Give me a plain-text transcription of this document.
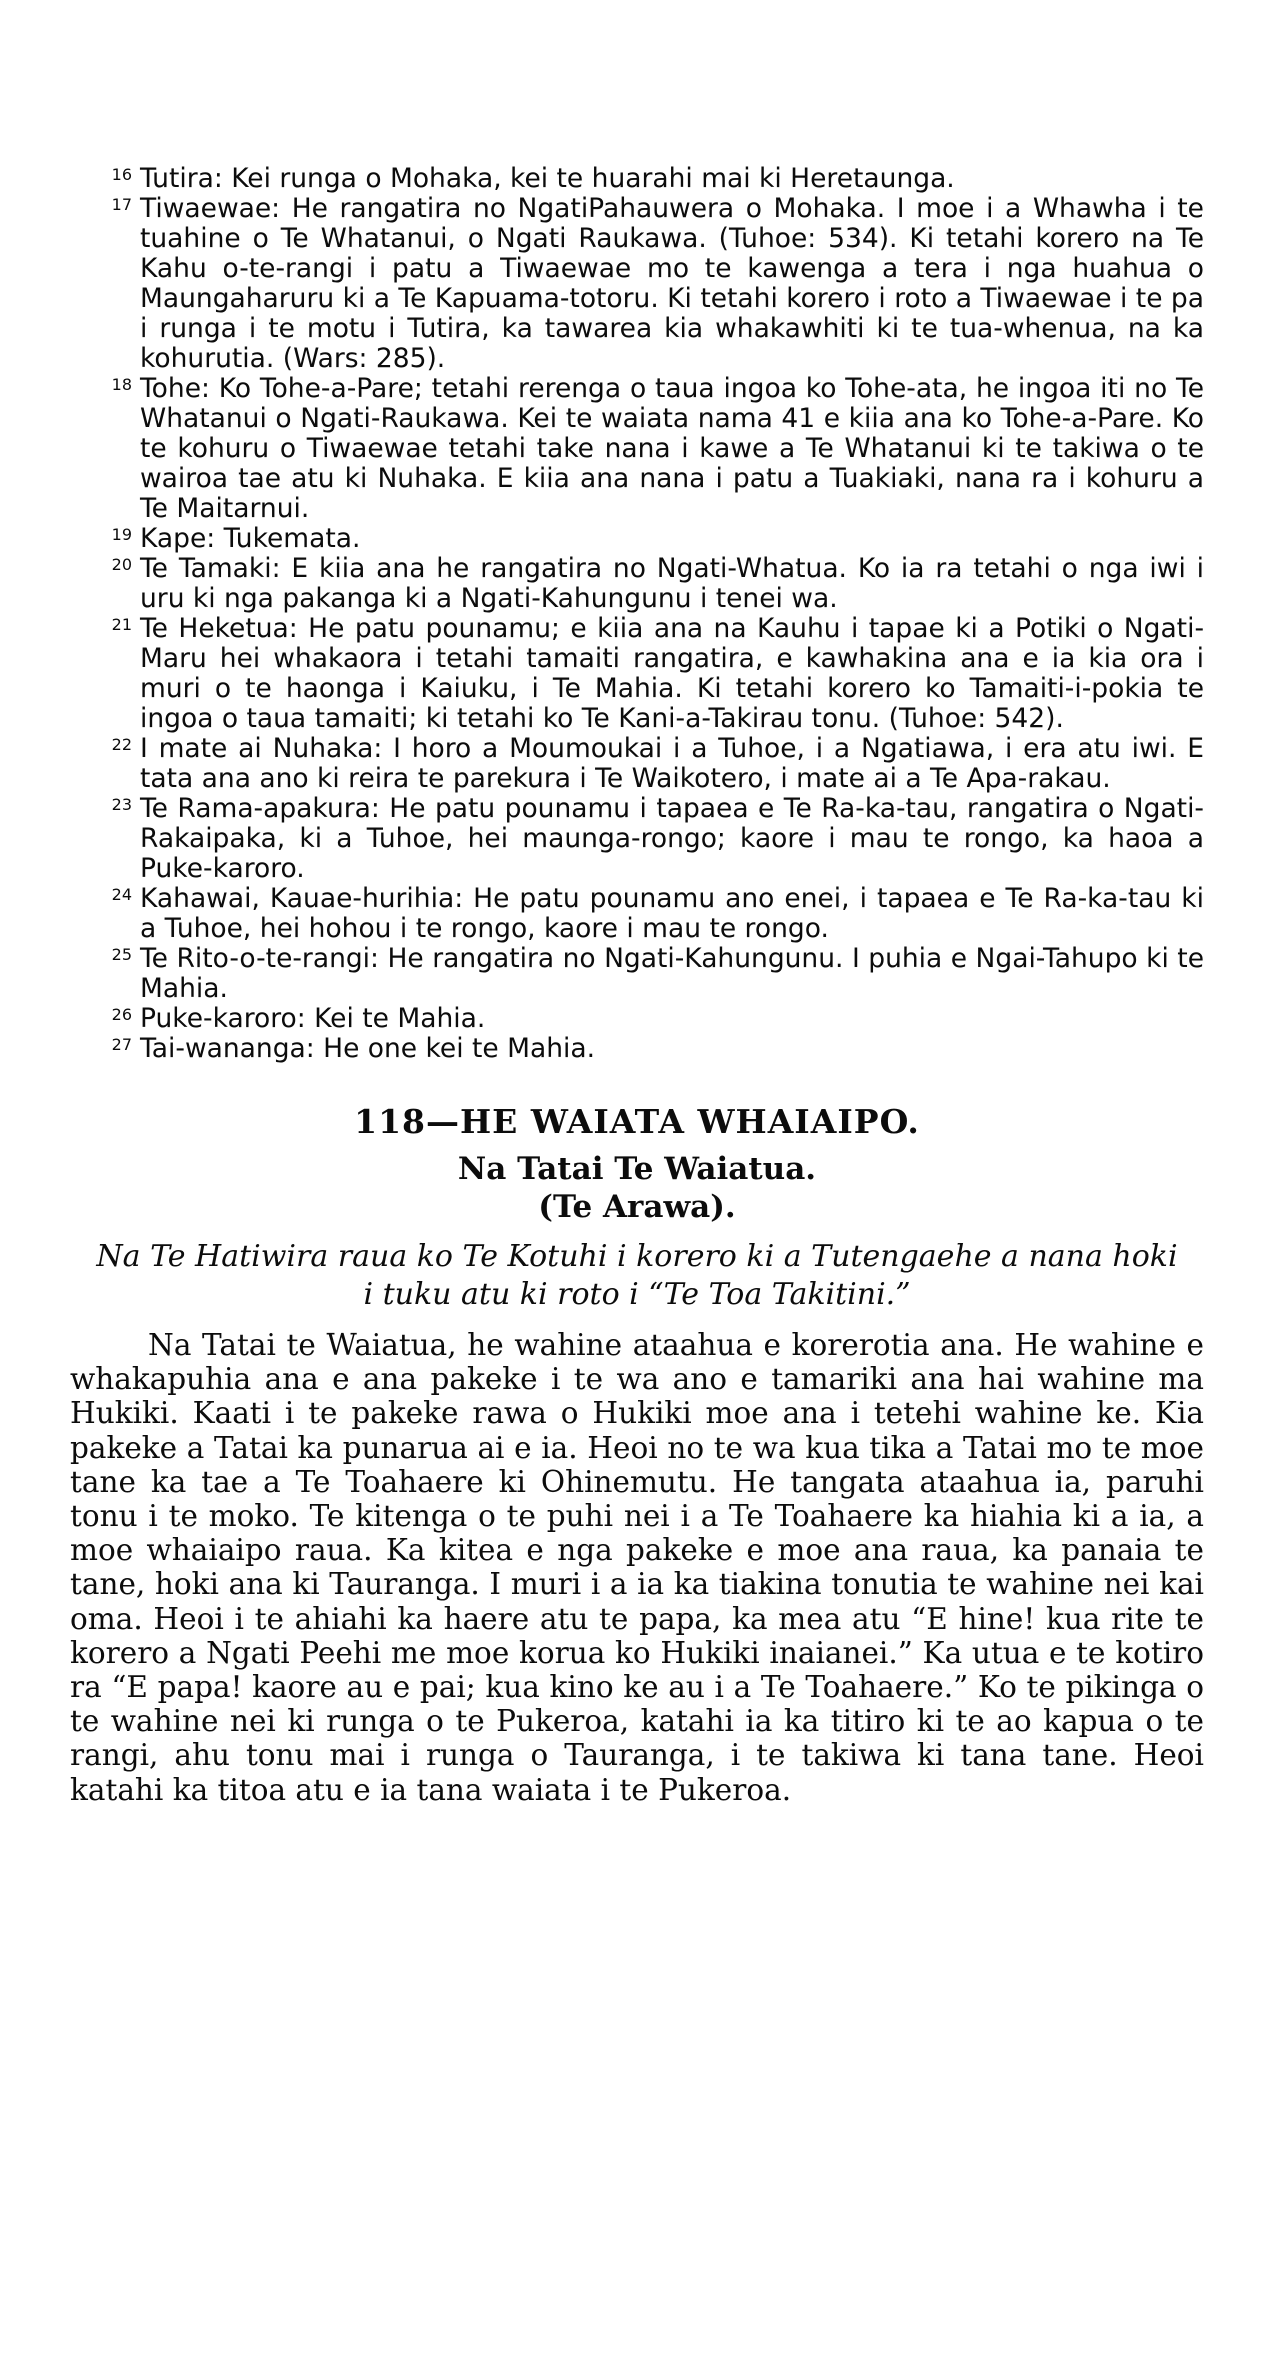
16 Tutira: Kei runga o Mohaka, kei te huarahi mai ki Heretaunga.

17 Tiwaewae: He rangatira no NgatiPahauwera o Mohaka. I moe i a Whawha i te tuahine o Te Whatanui, o Ngati Raukawa. (Tuhoe: 534). Ki tetahi korero na Te Kahu o-te-rangi i patu a Tiwaewae mo te kawenga a tera i nga huahua o Maungaharuru ki a Te Kapuama-totoru. Ki tetahi korero i roto a Tiwaewae i te pa i runga i te motu i Tutira, ka tawarea kia whakawhiti ki te tua-whenua, na ka kohurutia. (Wars: 285).

18 Tohe: Ko Tohe-a-Pare; tetahi rerenga o taua ingoa ko Tohe-ata, he ingoa iti no Te Whatanui o Ngati-Raukawa. Kei te waiata nama 41 e kiia ana ko Tohe-a-Pare. Ko te kohuru o Tiwaewae tetahi take nana i kawe a Te Whatanui ki te takiwa o te wairoa tae atu ki Nuhaka. E kiia ana nana i patu a Tuakiaki, nana ra i kohuru a Te Maitarnui.

19 Kape: Tukemata.

20 Te Tamaki: E kiia ana he rangatira no Ngati-Whatua. Ko ia ra tetahi o nga iwi i uru ki nga pakanga ki a Ngati-Kahungunu i tenei wa.

21 Te Heketua: He patu pounamu; e kiia ana na Kauhu i tapae ki a Potiki o Ngati-Maru hei whakaora i tetahi tamaiti rangatira, e kawhakina ana e ia kia ora i muri o te haonga i Kaiuku, i Te Mahia. Ki tetahi korero ko Tamaiti-i-pokia te ingoa o taua tamaiti; ki tetahi ko Te Kani-a-Takirau tonu. (Tuhoe: 542).

22 I mate ai Nuhaka: I horo a Moumoukai i a Tuhoe, i a Ngatiawa, i era atu iwi. E tata ana ano ki reira te parekura i Te Waikotero, i mate ai a Te Apa-rakau.

23 Te Rama-apakura: He patu pounamu i tapaea e Te Ra-ka-tau, rangatira o Ngati-Rakaipaka, ki a Tuhoe, hei maunga-rongo; kaore i mau te rongo, ka haoa a Puke-karoro.

24 Kahawai, Kauae-hurihia: He patu pounamu ano enei, i tapaea e Te Ra-ka-tau ki a Tuhoe, hei hohou i te rongo, kaore i mau te rongo.

25 Te Rito-o-te-rangi: He rangatira no Ngati-Kahungunu. I puhia e Ngai-Tahupo ki te Mahia.

26 Puke-karoro: Kei te Mahia.

27 Tai-wananga: He one kei te Mahia.

118—HE WAIATA WHAIAIPO.
Na Tatai Te Waiatua.
(Te Arawa).

Na Te Hatiwira raua ko Te Kotuhi i korero ki a Tutengaehe a nana hoki i tuku atu ki roto i “Te Toa Takitini.”

Na Tatai te Waiatua, he wahine ataahua e korerotia ana. He wahine e whakapuhia ana e ana pakeke i te wa ano e tamariki ana hai wahine ma Hukiki. Kaati i te pakeke rawa o Hukiki moe ana i tetehi wahine ke. Kia pakeke a Tatai ka punarua ai e ia. Heoi no te wa kua tika a Tatai mo te moe tane ka tae a Te Toahaere ki Ohinemutu. He tangata ataahua ia, paruhi tonu i te moko. Te kitenga o te puhi nei i a Te Toahaere ka hiahia ki a ia, a moe whaiaipo raua. Ka kitea e nga pakeke e moe ana raua, ka panaia te tane, hoki ana ki Tauranga. I muri i a ia ka tiakina tonutia te wahine nei kai oma. Heoi i te ahiahi ka haere atu te papa, ka mea atu “E hine! kua rite te korero a Ngati Peehi me moe korua ko Hukiki inaianei.” Ka utua e te kotiro ra “E papa! kaore au e pai; kua kino ke au i a Te Toahaere.” Ko te pikinga o te wahine nei ki runga o te Pukeroa, katahi ia ka titiro ki te ao kapua o te rangi, ahu tonu mai i runga o Tauranga, i te takiwa ki tana tane. Heoi katahi ka titoa atu e ia tana waiata i te Pukeroa.
